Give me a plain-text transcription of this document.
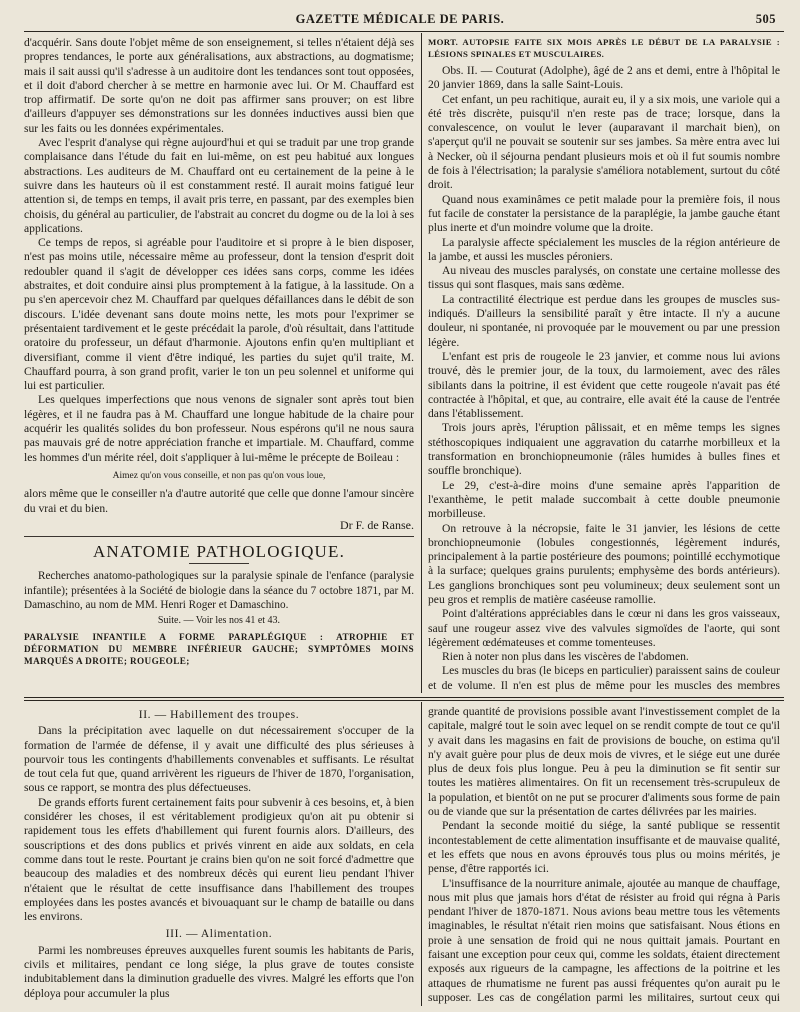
GAZETTE MÉDICALE DE PARIS.	505

d'acquérir. Sans doute l'objet même de son enseignement, si telles n'étaient déjà ses propres tendances, le porte aux généralisations, aux abstractions, au dogmatisme; mais il sait aussi qu'il s'adresse à un auditoire dont les tendances sont tout opposées, et il doit d'abord chercher à se mettre en harmonie avec lui. Or M. Chauffard est trop affirmatif. De sorte qu'on ne doit pas affirmer sans prouver; on est libre d'ailleurs d'appuyer ses démonstrations sur les données inductives aussi bien que sur les faits ou les données expérimentales.

Avec l'esprit d'analyse qui règne aujourd'hui et qui se traduit par une trop grande complaisance dans l'étude du fait en lui-même, on est peu habitué aux longues abstractions. Les auditeurs de M. Chauffard ont eu certainement de la peine à le suivre dans les hauteurs où il est constamment resté. Il aurait moins fatigué leur attention si, de temps en temps, il avait pris terre, en passant, par des exemples bien choisis, du général au particulier, de l'abstrait au concret du dogme ou de la loi à ses applications.

Ce temps de repos, si agréable pour l'auditoire et si propre à le bien disposer, n'est pas moins utile, nécessaire même au professeur, dont la tension d'esprit doit redoubler quand il s'agit de développer ces idées sans corps, comme les idées abstraites, et doit conduire ainsi plus promptement à la fatigue, à la lassitude. On a pu s'en apercevoir chez M. Chauffard par quelques défaillances dans le débit de son discours. L'idée devenant sans doute moins nette, les mots pour l'exprimer se présentaient tardivement et le geste précédait la parole, d'où résultait, dans l'attitude oratoire du professeur, un défaut d'harmonie. Ajoutons enfin qu'en multipliant et diversifiant, comme il vient d'être indiqué, les parties du sujet qu'il traite, M. Chauffard pourra, à son grand profit, varier le ton un peu solennel et uniforme qui lui est particulier.

Les quelques imperfections que nous venons de signaler sont après tout bien légères, et il ne faudra pas à M. Chauffard une longue habitude de la chaire pour acquérir les qualités solides du bon professeur. Nous espérons qu'il ne nous saura pas mauvais gré de notre appréciation franche et impartiale. M. Chauffard, comme les hommes d'un mérite réel, doit s'appliquer à lui-même le précepte de Boileau :

Aimez qu'on vous conseille, et non pas qu'on vous loue,

alors même que le conseiller n'a d'autre autorité que celle que donne l'amour sincère du vrai et du bien.

Dr F. de Ranse.

ANATOMIE PATHOLOGIQUE.

Recherches anatomo-pathologiques sur la paralysie spinale de l'enfance (paralysie infantile); présentées à la Société de biologie dans la séance du 7 octobre 1871, par M. Damaschino, au nom de MM. Henri Roger et Damaschino.

Suite. — Voir les nos 41 et 43.

PARALYSIE INFANTILE A FORME PARAPLÉGIQUE : ATROPHIE ET DÉFORMATION DU MEMBRE INFÉRIEUR GAUCHE; SYMPTÔMES MOINS MARQUÉS A DROITE; ROUGEOLE;

MORT. AUTOPSIE FAITE SIX MOIS APRÈS LE DÉBUT DE LA PARALYSIE : LÉSIONS SPINALES ET MUSCULAIRES.

Obs. II. — Couturat (Adolphe), âgé de 2 ans et demi, entre à l'hôpital le 20 janvier 1869, dans la salle Saint-Louis.

Cet enfant, un peu rachitique, aurait eu, il y a six mois, une variole qui a été très discrète, puisqu'il n'en reste pas de trace; lorsque, dans la convalescence, on voulut le lever (auparavant il marchait bien), on s'aperçut qu'il ne pouvait se soutenir sur ses jambes. Sa mère entra avec lui à Necker, où il séjourna pendant plusieurs mois et où il fut soumis nombre de fois à l'électrisation; la paralysie s'améliora notablement, surtout du côté droit.

Quand nous examinâmes ce petit malade pour la première fois, il nous fut facile de constater la persistance de la paraplégie, la jambe gauche étant plus inerte et d'un moindre volume que la droite.

La paralysie affecte spécialement les muscles de la région antérieure de la jambe, et aussi les muscles péroniers.

Au niveau des muscles paralysés, on constate une certaine mollesse des tissus qui sont flasques, mais sans œdème.

La contractilité électrique est perdue dans les groupes de muscles sus-indiqués. D'ailleurs la sensibilité paraît y être intacte. Il n'y a aucune douleur, ni spontanée, ni provoquée par le mouvement ou par une pression légère.

L'enfant est pris de rougeole le 23 janvier, et comme nous lui avions trouvé, dès le premier jour, de la toux, du larmoiement, avec des râles sibilants dans la poitrine, il est évident que cette rougeole n'avait pas été contractée à l'hôpital, et que, au contraire, elle avait été la cause de l'entrée dans l'établissement.

Trois jours après, l'éruption pâlissait, et en même temps les signes stéthoscopiques indiquaient une aggravation du catarrhe morbilleux et la transformation en bronchiopneumonie (râles humides à bulles fines et souffle bronchique).

Le 29, c'est-à-dire moins d'une semaine après l'apparition de l'exanthème, le petit malade succombait à cette double pneumonie morbilleuse.

On retrouve à la nécropsie, faite le 31 janvier, les lésions de cette bronchiopneumonie (lobules congestionnés, légèrement indurés, principalement à la partie postérieure des poumons; pointillé ecchymotique à la surface; quelques grains purulents; emphysème des bords antérieurs). Les ganglions bronchiques sont peu volumineux; deux seulement sont un peu gros et remplis de matière caséeuse ramollie.

Point d'altérations appréciables dans le cœur ni dans les gros vaisseaux, sauf une rougeur assez vive des valvules sigmoïdes de l'aorte, qui sont légèrement œdémateuses et comme tomenteuses.

Rien à noter non plus dans les viscères de l'abdomen.

Les muscles du bras (le biceps en particulier) paraissent sains de couleur et de volume. Il n'en est plus de même pour les muscles des membres

II. — Habillement des troupes.

Dans la précipitation avec laquelle on dut nécessairement s'occuper de la formation de l'armée de défense, il y avait une difficulté des plus sérieuses à pourvoir tous les contingents d'habillements convenables et suffisants. Le résultat de tout cela fut que, quand arrivèrent les rigueurs de l'hiver de 1870, l'organisation, sous ce rapport, se montra des plus défectueuses.

De grands efforts furent certainement faits pour subvenir à ces besoins, et, à bien considérer les choses, il est véritablement prodigieux qu'on ait pu obtenir si rapidement tous les effets d'habillement qui furent fournis alors. D'ailleurs, des souscriptions et des dons publics et privés vinrent en aide aux soldats, en cela comme dans tout le reste. Pourtant je crains bien qu'on ne soit forcé d'admettre que beaucoup des maladies et des nombreux décès qui eurent lieu pendant l'hiver n'étaient que le résultat de cette insuffisance dans l'habillement des troupes employées dans les postes avancés et bivouaquant sur le champ de bataille ou dans les environs.

III. — Alimentation.

Parmi les nombreuses épreuves auxquelles furent soumis les habitants de Paris, civils et militaires, pendant ce long siége, la plus grave de toutes consiste indubitablement dans la diminution graduelle des vivres. Malgré les efforts que l'on déploya pour accumuler la plus

grande quantité de provisions possible avant l'investissement complet de la capitale, malgré tout le soin avec lequel on se rendit compte de tout ce qu'il y avait dans les magasins en fait de provisions de bouche, on estima qu'il n'y avait guère pour plus de deux mois de vivres, et le siége eut une durée plus de deux fois plus longue. Peu à peu la diminution se fit sentir sur toutes les matières alimentaires. On fit un recensement très-scrupuleux de la population, et bientôt on ne put se procurer d'aliments sous forme de pain ou de viande que sur la présentation de cartes délivrées par les mairies.

Pendant la seconde moitié du siége, la santé publique se ressentit incontestablement de cette alimentation insuffisante et de mauvaise qualité, et les effets que nous en avons éprouvés tous plus ou moins mérités, je pense, d'être rapportés ici.

L'insuffisance de la nourriture animale, ajoutée au manque de chauffage, nous mit plus que jamais hors d'état de résister au froid qui régna à Paris pendant l'hiver de 1870-1871. Nous avions beau mettre tous les vêtements imaginables, le résultat n'était rien moins que satisfaisant. Nous étions en proie à une sensation de froid qui ne nous quittait jamais. Pourtant en faisant une exception pour ceux qui, comme les soldats, étaient directement exposés aux rigueurs de la campagne, les affections de la poitrine et les attaques de rhumatisme ne furent pas aussi fréquentes qu'on aurait pu le supposer. Les cas de congélation parmi les militaires, surtout ceux qui
